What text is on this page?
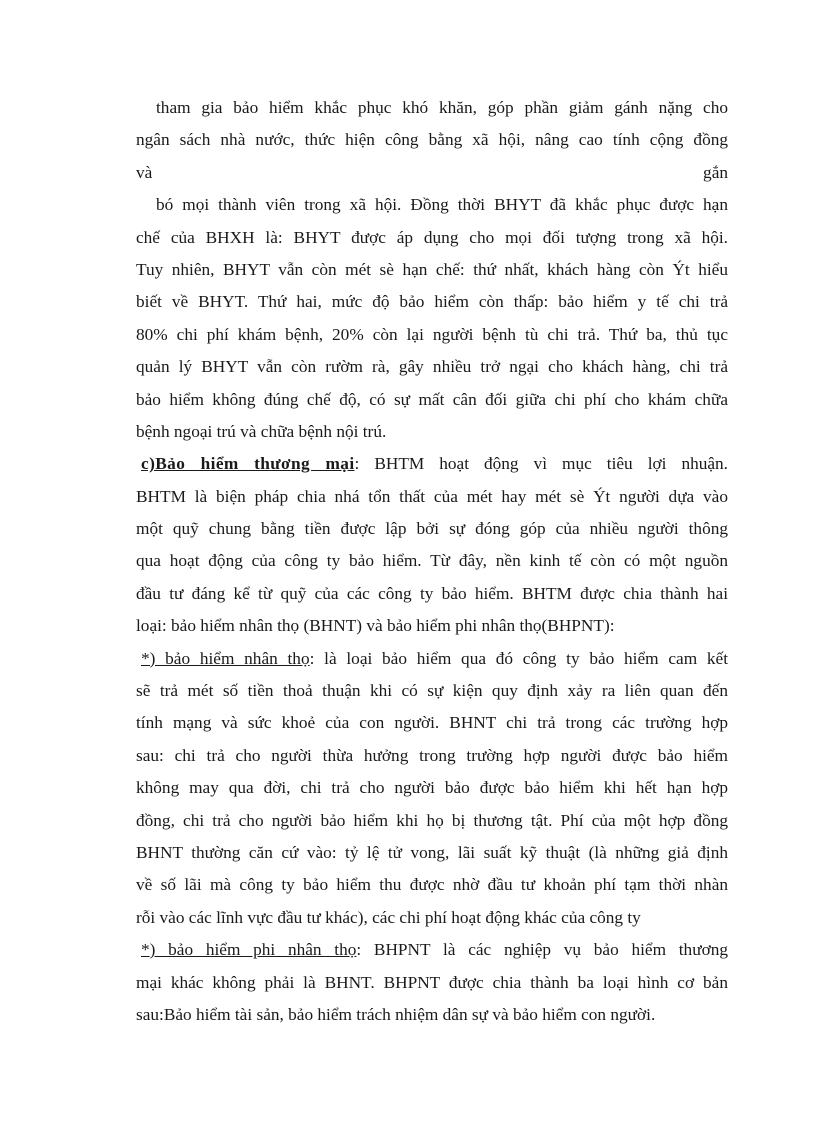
tham gia bảo hiểm khắc phục khó khăn, góp phần giảm gánh nặng cho
ngân sách nhà nước, thức hiện công bằng xã hội, nâng cao tính cộng đồng
và	gắn
bó mọi thành viên trong xã hội. Đồng thời BHYT đã khắc phục được hạn
chế của BHXH là: BHYT được áp dụng cho mọi đối tượng trong xã hội.
Tuy nhiên, BHYT vẫn còn mét sè hạn chế: thứ nhất, khách hàng còn Ýt hiểu
biết về BHYT. Thứ hai, mức độ bảo hiểm còn thấp: bảo hiểm y tế chi trả
80% chi phí khám bệnh, 20% còn lại người bệnh tù chi trả. Thứ ba, thủ tục
quản lý BHYT vẫn còn rườm rà, gây nhiều trở ngại cho khách hàng, chi trả
bảo hiểm không đúng chế độ, có sự mất cân đối giữa chi phí cho khám chữa
bệnh ngoại trú và chữa bệnh nội trú.
c)Bảo hiểm thương mại: BHTM hoạt động vì mục tiêu lợi nhuận.
BHTM là biện pháp chia nhá tổn thất của mét hay mét sè Ýt người dựa vào
một quỹ chung bằng tiền được lập bởi sự đóng góp của nhiều người thông
qua hoạt động của công ty bảo hiểm. Từ đây, nền kinh tế còn có một nguồn
đầu tư đáng kể từ quỹ của các công ty bảo hiểm. BHTM được chia thành hai
loại: bảo hiểm nhân thọ (BHNT) và bảo hiểm phi nhân thọ(BHPNT):
*) bảo hiểm nhân thọ: là loại bảo hiểm qua đó công ty bảo hiểm cam kết
sẽ trả mét số tiền thoả thuận khi có sự kiện quy định xảy ra liên quan đến
tính mạng và sức khoẻ của con người. BHNT chi trả trong các trường hợp
sau: chi trả cho người thừa hưởng trong trường hợp người được bảo hiểm
không may qua đời, chi trả cho người bảo được bảo hiểm khi hết hạn hợp
đồng, chi trả cho người bảo hiểm khi họ bị thương tật. Phí của một hợp đồng
BHNT thường căn cứ vào: tỷ lệ tử vong, lãi suất kỹ thuật (là những giả định
về số lãi mà công ty bảo hiểm thu được nhờ đầu tư khoản phí tạm thời nhàn
rỗi vào các lĩnh vực đầu tư khác), các chi phí hoạt động khác của công ty
*) bảo hiểm phi nhân thọ: BHPNT là các nghiệp vụ bảo hiểm thương
mại khác không phải là BHNT. BHPNT được chia thành ba loại hình cơ bản
sau:Bảo hiểm tài sản, bảo hiểm trách nhiệm dân sự và bảo hiểm con người.
